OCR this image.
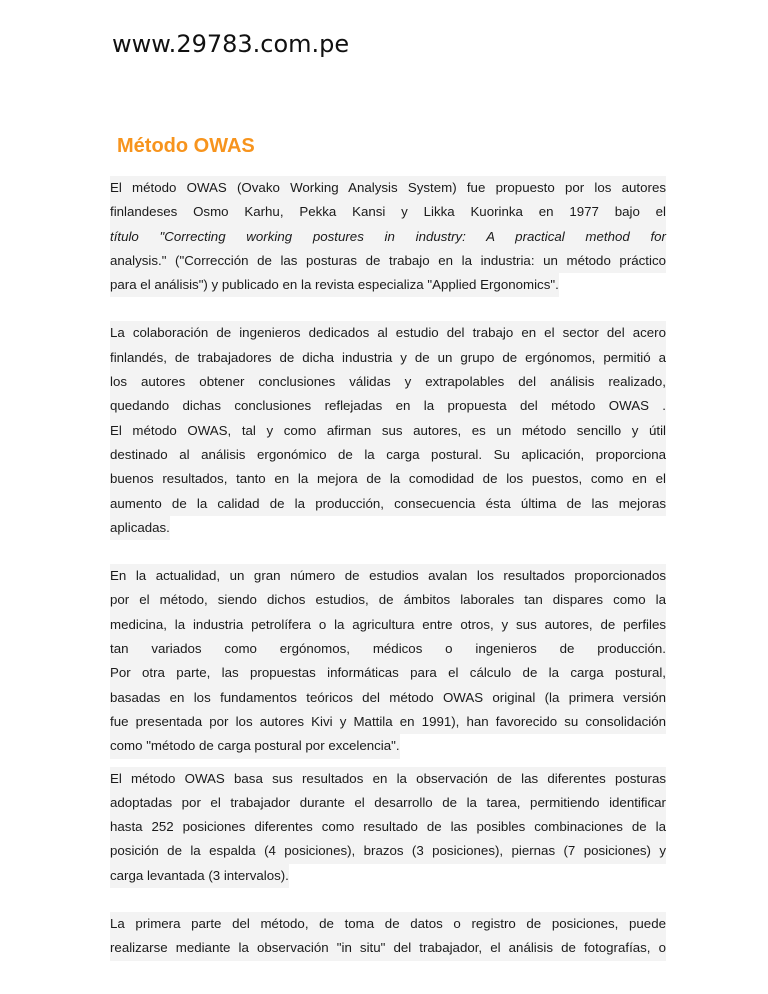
www.29783.com.pe
Método OWAS
El método OWAS (Ovako Working Analysis System) fue propuesto por los autores
finlandeses Osmo Karhu, Pekka Kansi y Likka Kuorinka en 1977 bajo el
título "Correcting working postures in industry: A practical method for
analysis." ("Corrección de las posturas de trabajo en la industria: un método práctico
para el análisis") y publicado en la revista especializa "Applied Ergonomics".
La colaboración de ingenieros dedicados al estudio del trabajo en el sector del acero
finlandés, de trabajadores de dicha industria y de un grupo de ergónomos, permitió a
los autores obtener conclusiones válidas y extrapolables del análisis realizado,
quedando dichas conclusiones reflejadas en la propuesta del método OWAS .
El método OWAS, tal y como afirman sus autores, es un método sencillo y útil
destinado al análisis ergonómico de la carga postural. Su aplicación, proporciona
buenos resultados, tanto en la mejora de la comodidad de los puestos, como en el
aumento de la calidad de la producción, consecuencia ésta última de las mejoras
aplicadas.
En la actualidad, un gran número de estudios avalan los resultados proporcionados
por el método, siendo dichos estudios, de ámbitos laborales tan dispares como la
medicina, la industria petrolífera o la agricultura entre otros, y sus autores, de perfiles
tan variados como ergónomos, médicos o ingenieros de producción.
Por otra parte, las propuestas informáticas para el cálculo de la carga postural,
basadas en los fundamentos teóricos del método OWAS original (la primera versión
fue presentada por los autores Kivi y Mattila en 1991), han favorecido su consolidación
como "método de carga postural por excelencia".
El método OWAS basa sus resultados en la observación de las diferentes posturas
adoptadas por el trabajador durante el desarrollo de la tarea, permitiendo identificar
hasta 252 posiciones diferentes como resultado de las posibles combinaciones de la
posición de la espalda (4 posiciones), brazos (3 posiciones), piernas (7 posiciones) y
carga levantada (3 intervalos).
La primera parte del método, de toma de datos o registro de posiciones, puede
realizarse mediante la observación "in situ" del trabajador, el análisis de fotografías, o
